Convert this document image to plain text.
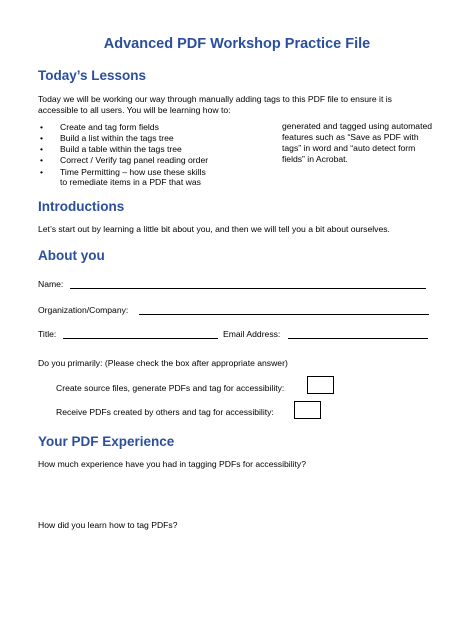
Advanced PDF Workshop Practice File
Today’s Lessons
Today we will be working our way through manually adding tags to this PDF file to ensure it is
accessible to all users. You will be learning how to:
• Create and tag form fields
• Build a list within the tags tree
• Build a table within the tags tree
• Correct / Verify tag panel reading order
• Time Permitting – how use these skills
to remediate items in a PDF that was
generated and tagged using automated
features such as “Save as PDF with
tags” in word and “auto detect form
fields” in Acrobat.
Introductions
Let’s start out by learning a little bit about you, and then we will tell you a bit about ourselves.
About you
Name:
Organization/Company:
Title:	Email Address:
Do you primarily: (Please check the box after appropriate answer)
Create source files, generate PDFs and tag for accessibility:
Receive PDFs created by others and tag for accessibility:
Your PDF Experience
How much experience have you had in tagging PDFs for accessibility?
How did you learn how to tag PDFs?
